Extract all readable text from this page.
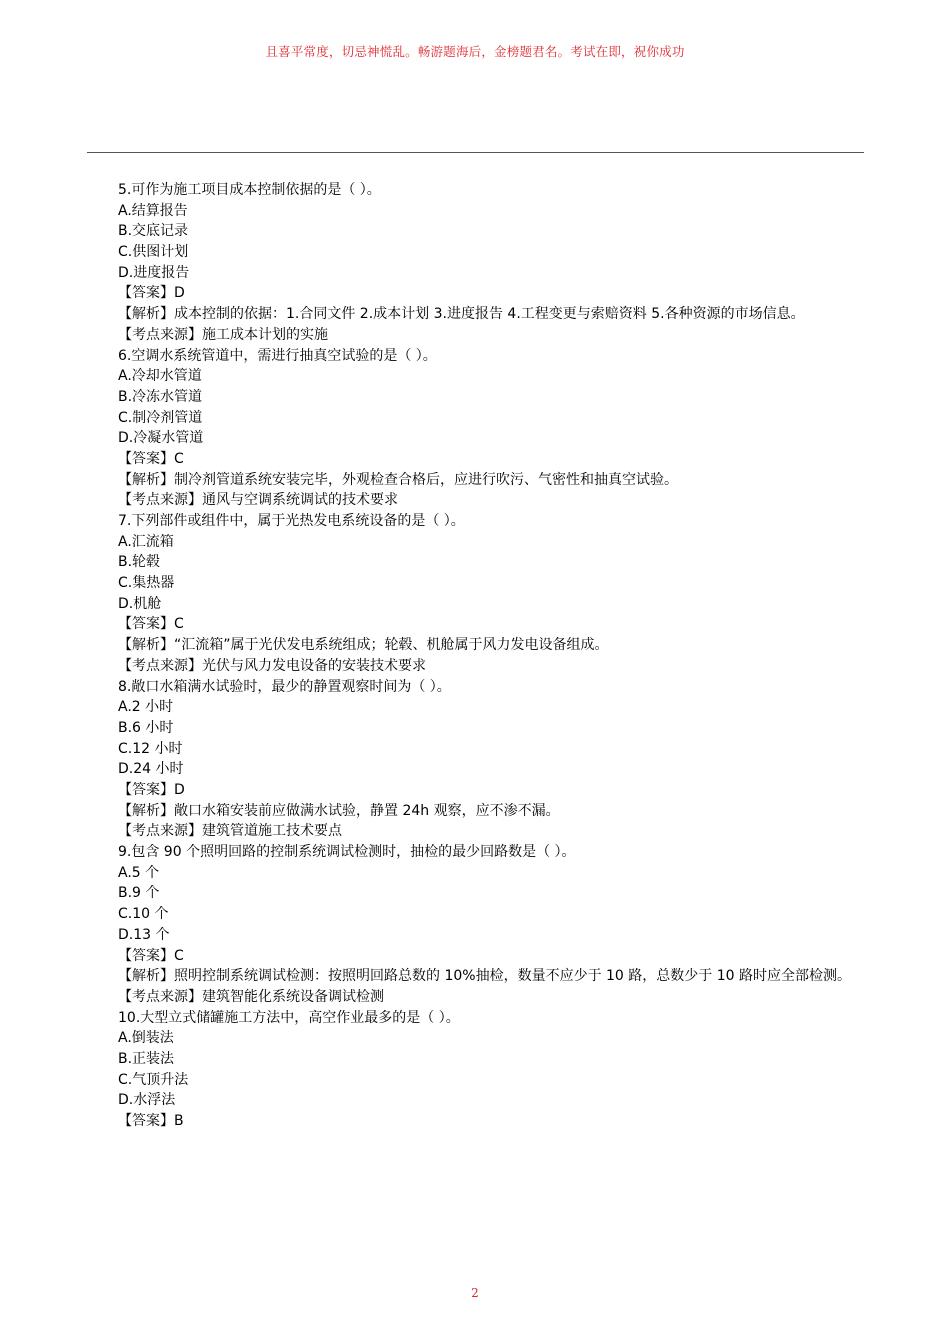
且喜平常度，切忌神慌乱。畅游题海后，金榜题君名。考试在即，祝你成功
5.可作为施工项目成本控制依据的是（ ）。
A.结算报告
B.交底记录
C.供图计划
D.进度报告
【答案】D
【解析】成本控制的依据：1.合同文件 2.成本计划 3.进度报告 4.工程变更与索赔资料 5.各种资源的市场信息。
【考点来源】施工成本计划的实施
6.空调水系统管道中，需进行抽真空试验的是（ ）。
A.冷却水管道
B.冷冻水管道
C.制冷剂管道
D.冷凝水管道
【答案】C
【解析】制冷剂管道系统安装完毕，外观检查合格后，应进行吹污、气密性和抽真空试验。
【考点来源】通风与空调系统调试的技术要求
7.下列部件或组件中，属于光热发电系统设备的是（ ）。
A.汇流箱
B.轮毂
C.集热器
D.机舱
【答案】C
【解析】“汇流箱”属于光伏发电系统组成；轮毂、机舱属于风力发电设备组成。
【考点来源】光伏与风力发电设备的安装技术要求
8.敞口水箱满水试验时，最少的静置观察时间为（ ）。
A.2 小时
B.6 小时
C.12 小时
D.24 小时
【答案】D
【解析】敞口水箱安装前应做满水试验，静置 24h 观察，应不渗不漏。
【考点来源】建筑管道施工技术要点
9.包含 90 个照明回路的控制系统调试检测时，抽检的最少回路数是（ ）。
A.5 个
B.9 个
C.10 个
D.13 个
【答案】C
【解析】照明控制系统调试检测：按照明回路总数的 10%抽检，数量不应少于 10 路，总数少于 10 路时应全部检测。
【考点来源】建筑智能化系统设备调试检测
10.大型立式储罐施工方法中，高空作业最多的是（ ）。
A.倒装法
B.正装法
C.气顶升法
D.水浮法
【答案】B
2
